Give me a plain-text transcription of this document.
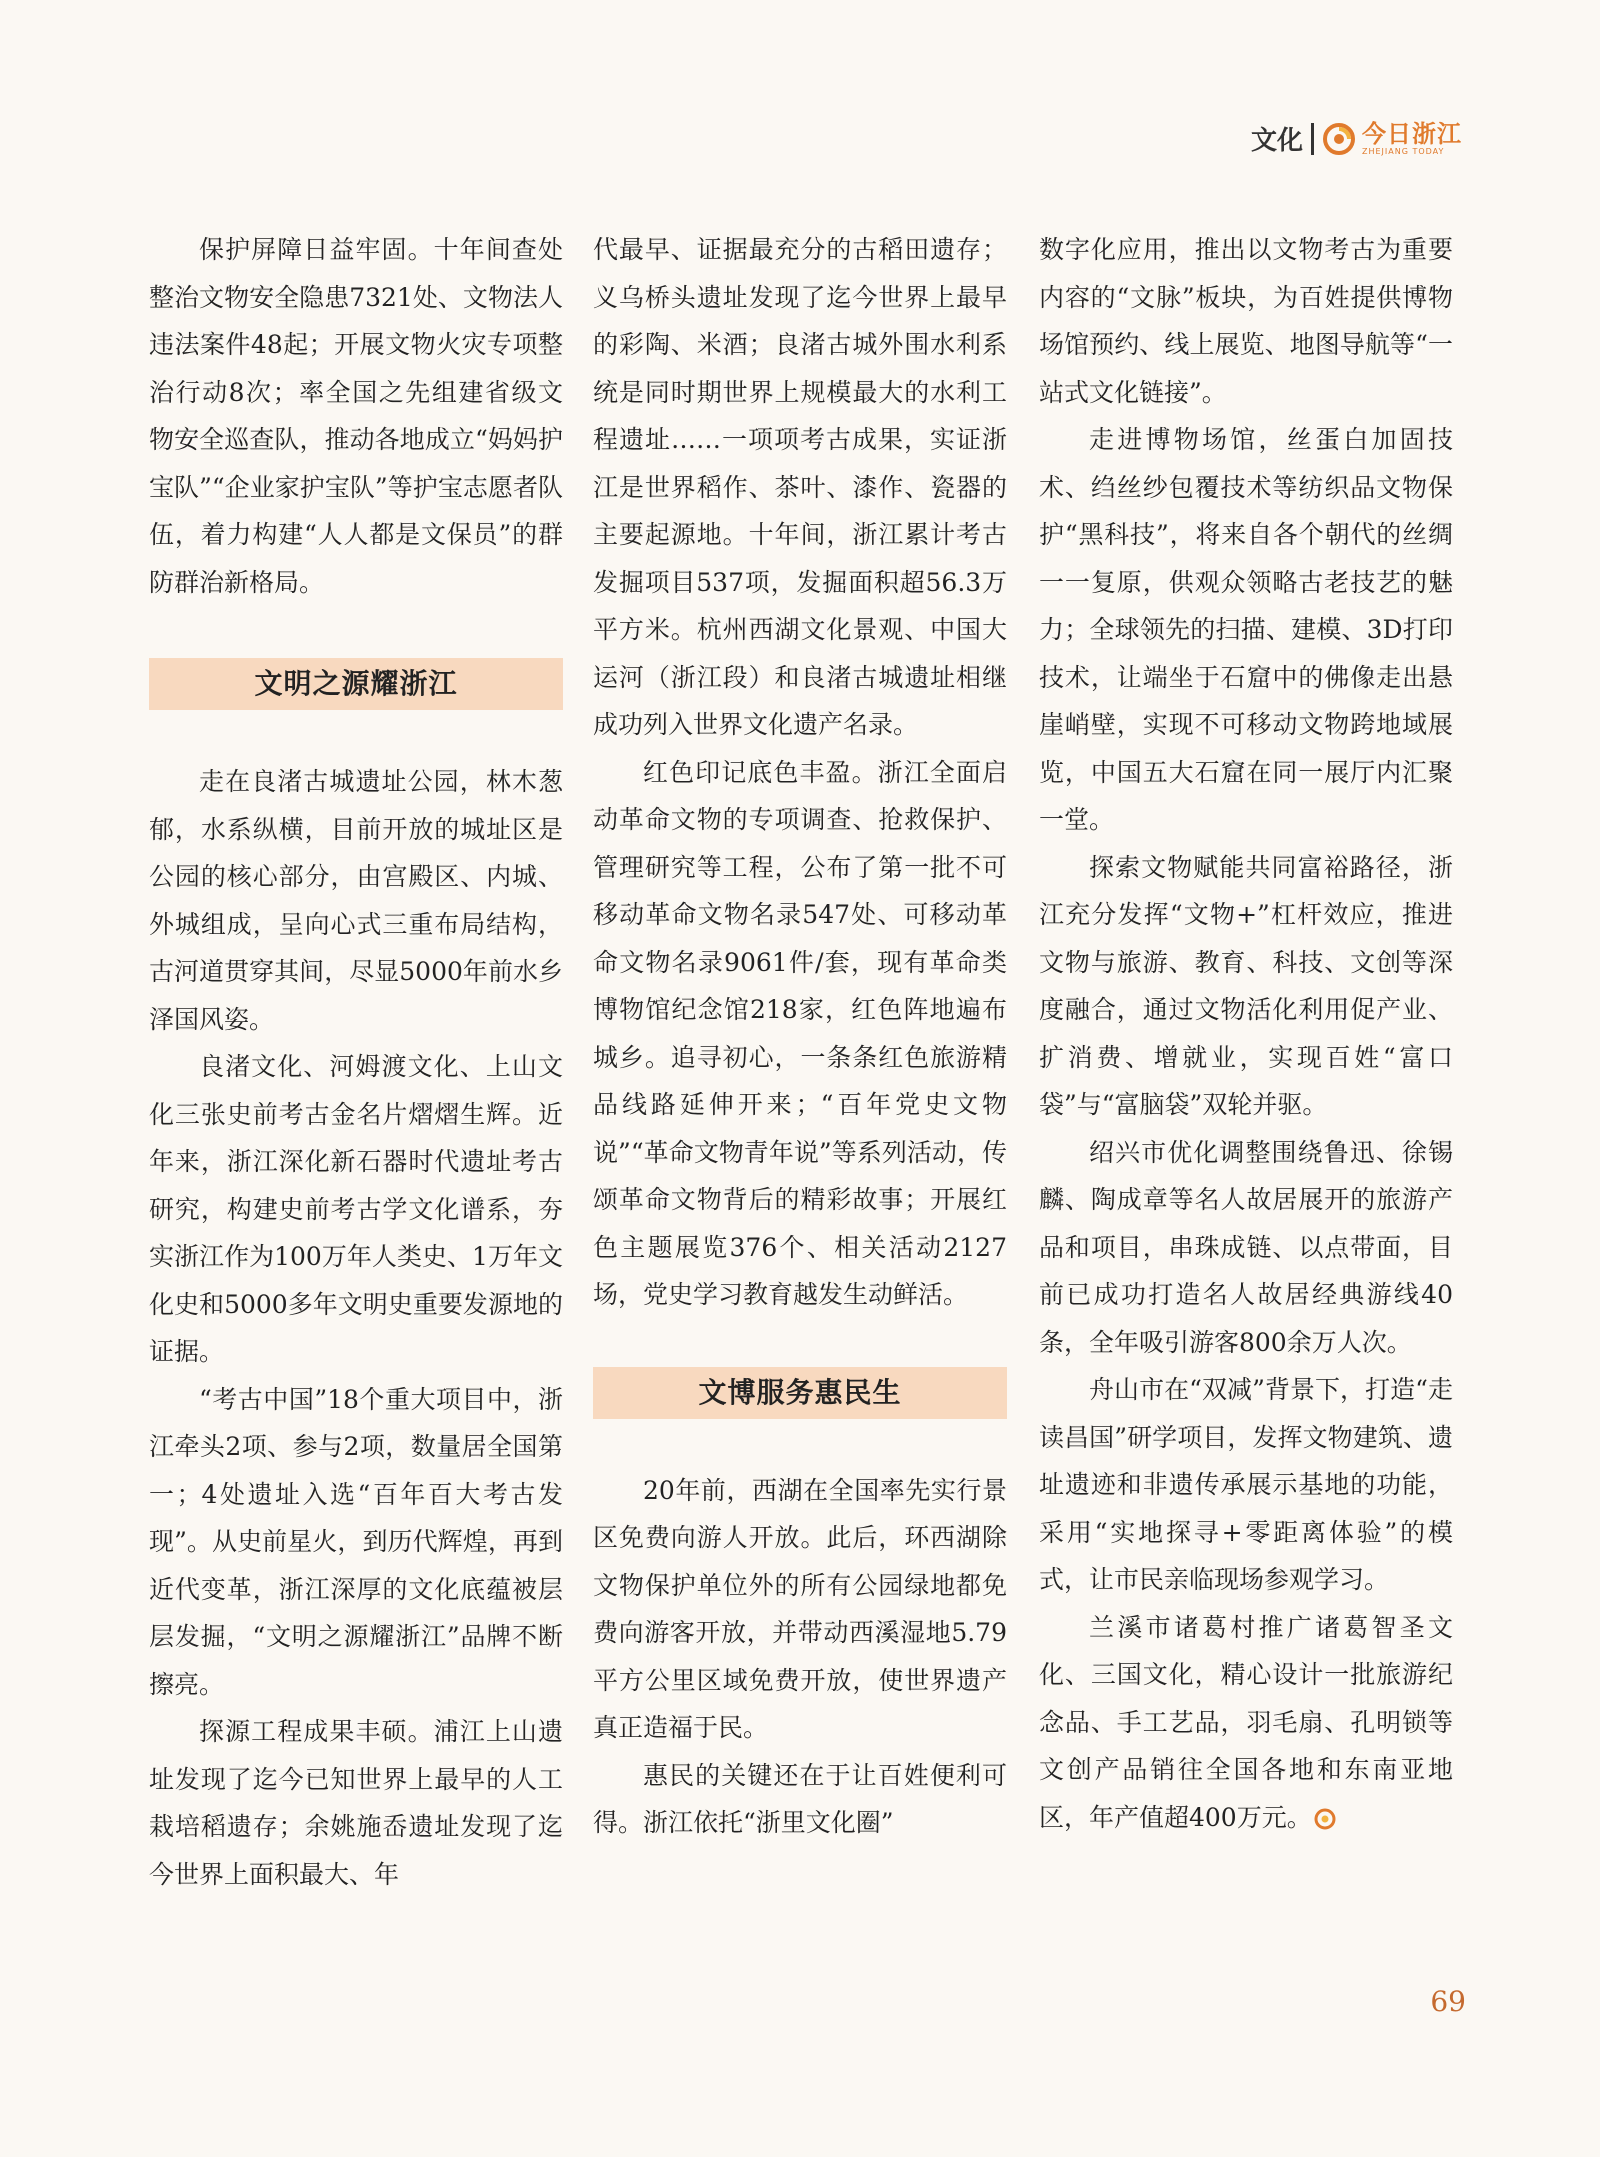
文化 今日浙江
ZHEJIANG TODAY

保护屏障日益牢固。十年间查处整治文物安全隐患7321处、文物法人违法案件48起；开展文物火灾专项整治行动8次；率全国之先组建省级文物安全巡查队，推动各地成立“妈妈护宝队”“企业家护宝队”等护宝志愿者队伍，着力构建“人人都是文保员”的群防群治新格局。

文明之源耀浙江

走在良渚古城遗址公园，林木葱郁，水系纵横，目前开放的城址区是公园的核心部分，由宫殿区、内城、外城组成，呈向心式三重布局结构，古河道贯穿其间，尽显5000年前水乡泽国风姿。

良渚文化、河姆渡文化、上山文化三张史前考古金名片熠熠生辉。近年来，浙江深化新石器时代遗址考古研究，构建史前考古学文化谱系，夯实浙江作为100万年人类史、1万年文化史和5000多年文明史重要发源地的证据。

“考古中国”18个重大项目中，浙江牵头2项、参与2项，数量居全国第一；4处遗址入选“百年百大考古发现”。从史前星火，到历代辉煌，再到近代变革，浙江深厚的文化底蕴被层层发掘，“文明之源耀浙江”品牌不断擦亮。

探源工程成果丰硕。浦江上山遗址发现了迄今已知世界上最早的人工栽培稻遗存；余姚施岙遗址发现了迄今世界上面积最大、年

代最早、证据最充分的古稻田遗存；义乌桥头遗址发现了迄今世界上最早的彩陶、米酒；良渚古城外围水利系统是同时期世界上规模最大的水利工程遗址……一项项考古成果，实证浙江是世界稻作、茶叶、漆作、瓷器的主要起源地。十年间，浙江累计考古发掘项目537项，发掘面积超56.3万平方米。杭州西湖文化景观、中国大运河（浙江段）和良渚古城遗址相继成功列入世界文化遗产名录。

红色印记底色丰盈。浙江全面启动革命文物的专项调查、抢救保护、管理研究等工程，公布了第一批不可移动革命文物名录547处、可移动革命文物名录9061件/套，现有革命类博物馆纪念馆218家，红色阵地遍布城乡。追寻初心，一条条红色旅游精品线路延伸开来；“百年党史文物说”“革命文物青年说”等系列活动，传颂革命文物背后的精彩故事；开展红色主题展览376个、相关活动2127场，党史学习教育越发生动鲜活。

文博服务惠民生

20年前，西湖在全国率先实行景区免费向游人开放。此后，环西湖除文物保护单位外的所有公园绿地都免费向游客开放，并带动西溪湿地5.79平方公里区域免费开放，使世界遗产真正造福于民。

惠民的关键还在于让百姓便利可得。浙江依托“浙里文化圈”

数字化应用，推出以文物考古为重要内容的“文脉”板块，为百姓提供博物场馆预约、线上展览、地图导航等“一站式文化链接”。

走进博物场馆，丝蛋白加固技术、绉丝纱包覆技术等纺织品文物保护“黑科技”，将来自各个朝代的丝绸一一复原，供观众领略古老技艺的魅力；全球领先的扫描、建模、3D打印技术，让端坐于石窟中的佛像走出悬崖峭壁，实现不可移动文物跨地域展览，中国五大石窟在同一展厅内汇聚一堂。

探索文物赋能共同富裕路径，浙江充分发挥“文物+”杠杆效应，推进文物与旅游、教育、科技、文创等深度融合，通过文物活化利用促产业、扩消费、增就业，实现百姓“富口袋”与“富脑袋”双轮并驱。

绍兴市优化调整围绕鲁迅、徐锡麟、陶成章等名人故居展开的旅游产品和项目，串珠成链、以点带面，目前已成功打造名人故居经典游线40条，全年吸引游客800余万人次。

舟山市在“双减”背景下，打造“走读昌国”研学项目，发挥文物建筑、遗址遗迹和非遗传承展示基地的功能，采用“实地探寻+零距离体验”的模式，让市民亲临现场参观学习。

兰溪市诸葛村推广诸葛智圣文化、三国文化，精心设计一批旅游纪念品、手工艺品，羽毛扇、孔明锁等文创产品销往全国各地和东南亚地区，年产值超400万元。

69
